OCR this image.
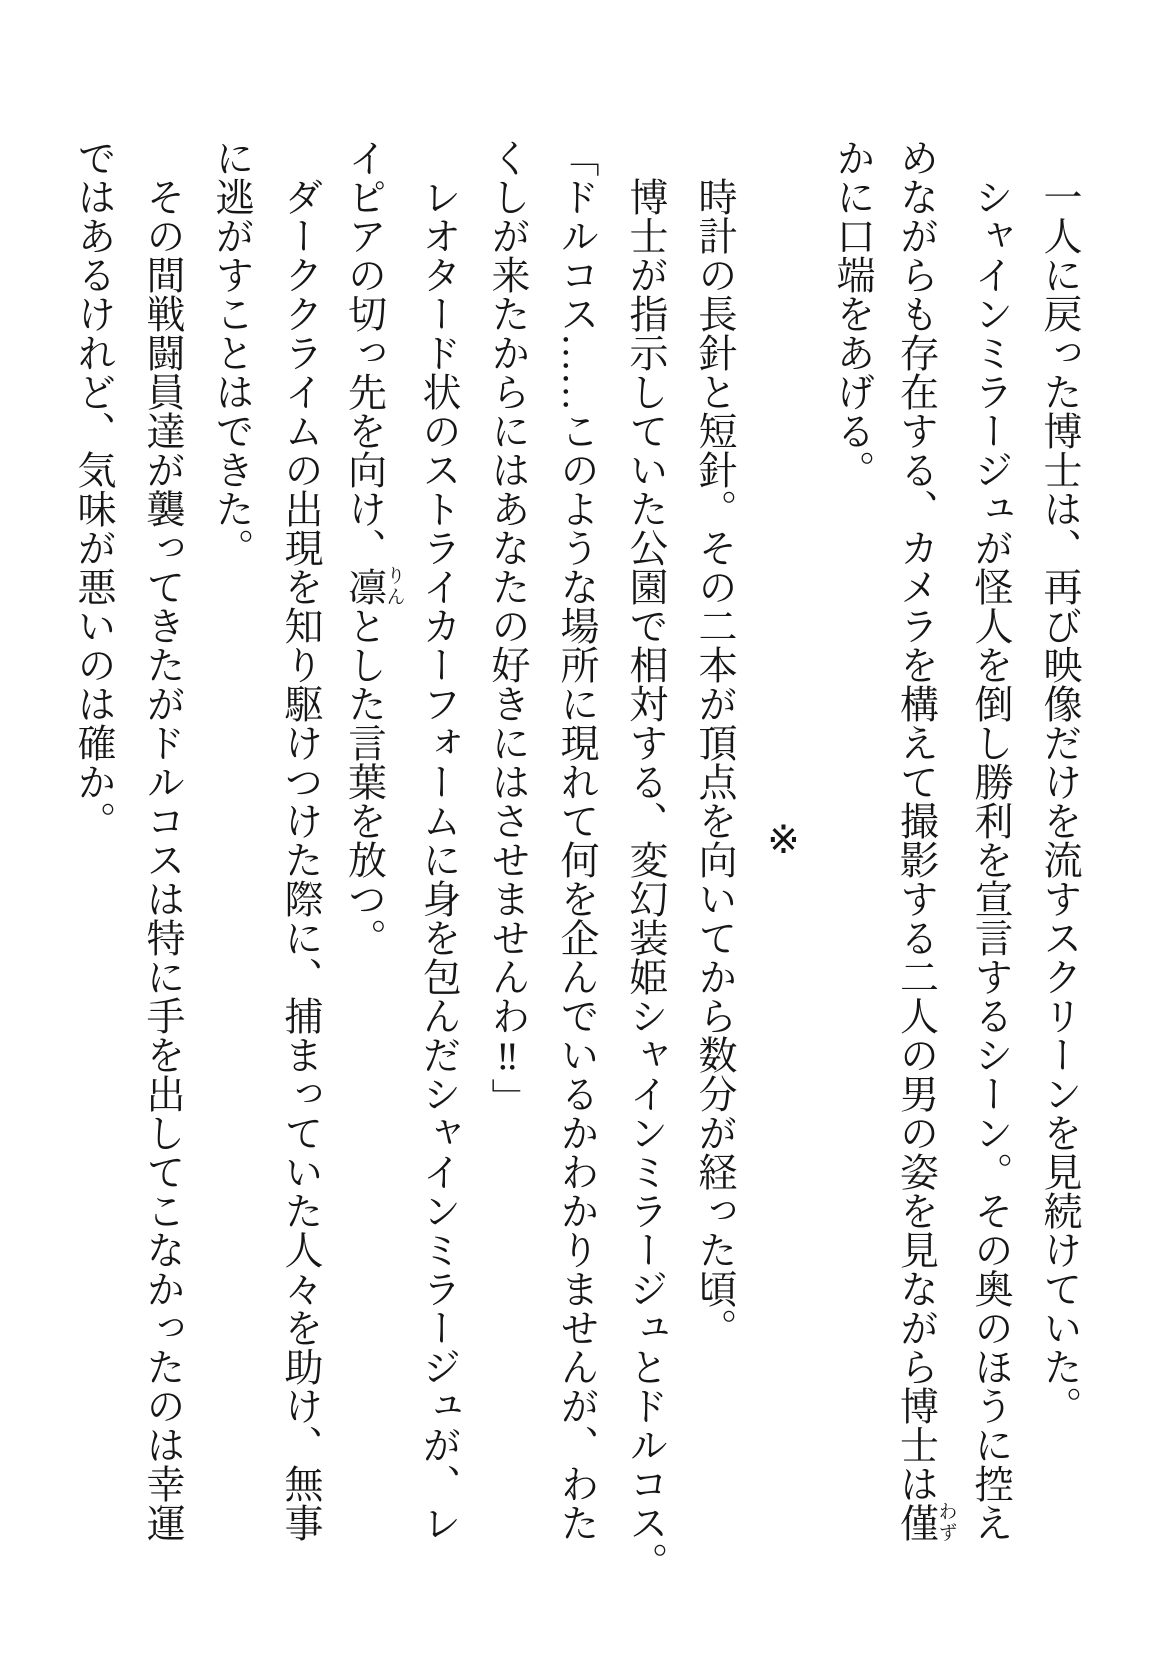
　一人に戻った博士は、再び映像だけを流すスクリーンを見続けていた。
　シャインミラージュが怪人を倒し勝利を宣言するシーン。その奥のほうに控え
めながらも存在する、カメラを構えて撮影する二人の男の姿を見ながら博士は僅わず
かに口端をあげる。
※
　時計の長針と短針。その二本が頂点を向いてから数分が経った頃。
　博士が指示していた公園で相対する、変幻装姫シャインミラージュとドルコス。
「ドルコス……このような場所に現れて何を企んでいるかわかりませんが、わた
くしが来たからにはあなたの好きにはさせませんわ‼」
　レオタード状のストライカーフォームに身を包んだシャインミラージュが、レ
イピアの切っ先を向け、凛りんとした言葉を放つ。
　ダーククライムの出現を知り駆けつけた際に、捕まっていた人々を助け、無事
に逃がすことはできた。
　その間戦闘員達が襲ってきたがドルコスは特に手を出してこなかったのは幸運
ではあるけれど、気味が悪いのは確か。
